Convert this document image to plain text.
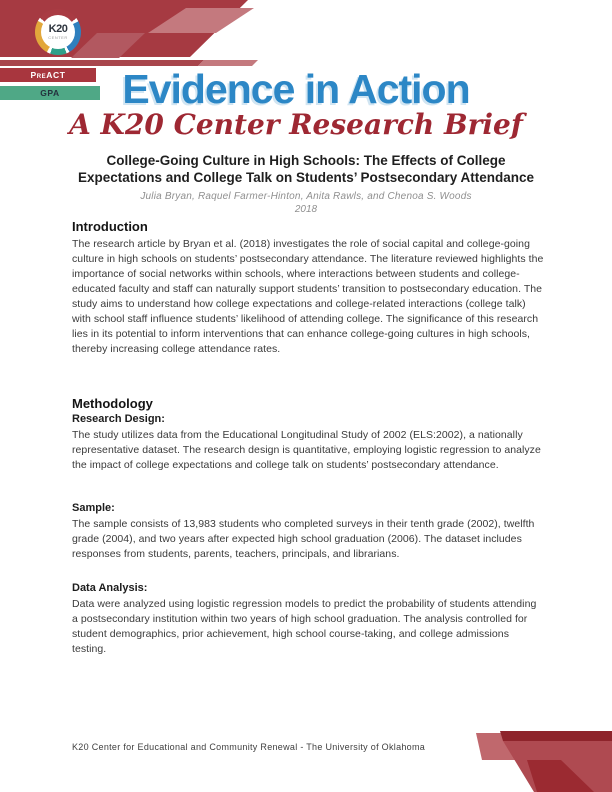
K20
CENTER
PreACT
GPA	Evidence in Action
A K20 Center Research Brief
College-Going Culture in High Schools: The Effects of College
Expectations and College Talk on Students’ Postsecondary Attendance
Julia Bryan, Raquel Farmer-Hinton, Anita Rawls, and Chenoa S. Woods
2018
Introduction
The research article by Bryan et al. (2018) investigates the role of social capital and college-going culture in high schools on students’ postsecondary attendance. The literature reviewed highlights the importance of social networks within schools, where interactions between students and college-educated faculty and staff can naturally support students’ transition to postsecondary education. The study aims to understand how college expectations and college-related interactions (college talk) with school staff influence students’ likelihood of attending college. The significance of this research lies in its potential to inform interventions that can enhance college-going cultures in high schools, thereby increasing college attendance rates.
Methodology
Research Design:
The study utilizes data from the Educational Longitudinal Study of 2002 (ELS:2002), a nationally representative dataset. The research design is quantitative, employing logistic regression to analyze the impact of college expectations and college talk on students’ postsecondary attendance.
Sample:
The sample consists of 13,983 students who completed surveys in their tenth grade (2002), twelfth grade (2004), and two years after expected high school graduation (2006). The dataset includes responses from students, parents, teachers, principals, and librarians.
Data Analysis:
Data were analyzed using logistic regression models to predict the probability of students attending a postsecondary institution within two years of high school graduation. The analysis controlled for student demographics, prior achievement, high school course-taking, and college admissions testing.
K20 Center for Educational and Community Renewal - The University of Oklahoma
